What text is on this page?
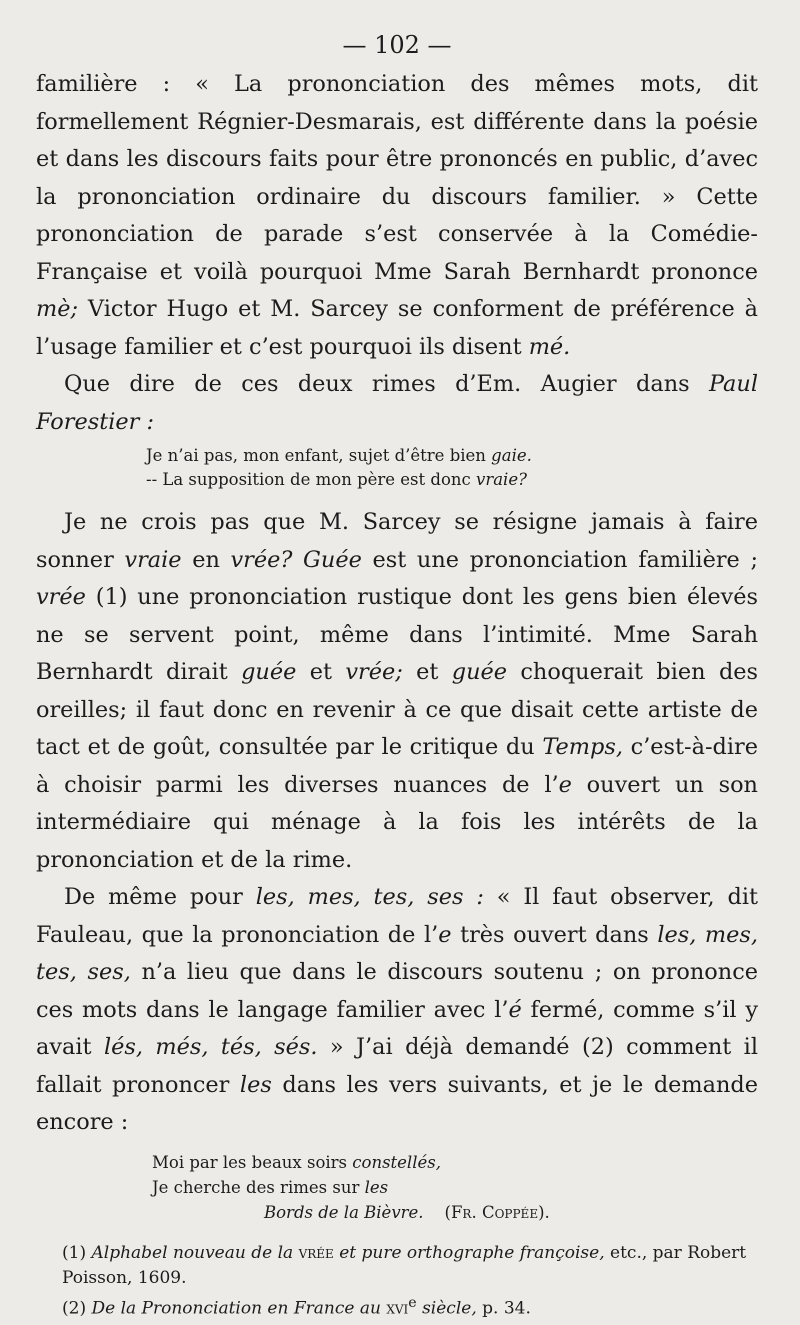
— 102 —

familière : « La prononciation des mêmes mots, dit formellement Régnier-Desmarais, est différente dans la poésie et dans les discours faits pour être prononcés en public, d’avec la prononciation ordinaire du discours familier. » Cette prononciation de parade s’est conservée à la Comédie-Française et voilà pourquoi Mme Sarah Bernhardt prononce mè; Victor Hugo et M. Sarcey se conforment de préférence à l’usage familier et c’est pourquoi ils disent mé.

Que dire de ces deux rimes d’Em. Augier dans Paul Forestier :

Je n’ai pas, mon enfant, sujet d’être bien gaie.
-- La supposition de mon père est donc vraie?

Je ne crois pas que M. Sarcey se résigne jamais à faire sonner vraie en vrée? Guée est une prononciation familière ; vrée (1) une prononciation rustique dont les gens bien élevés ne se servent point, même dans l’intimité. Mme Sarah Bernhardt dirait guée et vrée; et guée choquerait bien des oreilles; il faut donc en revenir à ce que disait cette artiste de tact et de goût, consultée par le critique du Temps, c’est-à-dire à choisir parmi les diverses nuances de l’e ouvert un son intermédiaire qui ménage à la fois les intérêts de la prononciation et de la rime.

De même pour les, mes, tes, ses : « Il faut observer, dit Fauleau, que la prononciation de l’e très ouvert dans les, mes, tes, ses, n’a lieu que dans le discours soutenu ; on prononce ces mots dans le langage familier avec l’é fermé, comme s’il y avait lés, més, tés, sés. » J’ai déjà demandé (2) comment il fallait prononcer les dans les vers suivants, et je le demande encore :

Moi par les beaux soirs constellés,
Je cherche des rimes sur les
Bords de la Bièvre. (Fr. Coppée).
(1) Alphabel nouveau de la vrée et pure orthographe françoise, etc., par Robert Poisson, 1609.
(2) De la Prononciation en France au xvi$^e$ siècle, p. 34.
